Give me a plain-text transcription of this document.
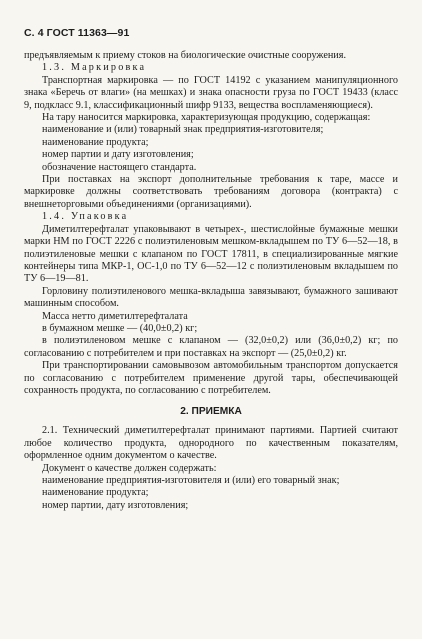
С. 4 ГОСТ 11363—91

предъявляемым к приему стоков на биологические очистные сооружения.

1.3. Маркировка

Транспортная маркировка — по ГОСТ 14192 с указанием манипуляционного знака «Беречь от влаги» (на мешках) и знака опасности груза по ГОСТ 19433 (класс 9, подкласс 9.1, классификационный шифр 9133, вещества воспламеняющиеся).

На тару наносится маркировка, характеризующая продукцию, содержащая:

наименование и (или) товарный знак предприятия-изготовителя;

наименование продукта;

номер партии и дату изготовления;

обозначение настоящего стандарта.

При поставках на экспорт дополнительные требования к таре, массе и маркировке должны соответствовать требованиям договора (контракта) с внешнеторговыми объединениями (организациями).

1.4. Упаковка

Диметилтерефталат упаковывают в четырех-, шестислойные бумажные мешки марки НМ по ГОСТ 2226 с полиэтиленовым мешком-вкладышем по ТУ 6—52—18, в полиэтиленовые мешки с клапаном по ГОСТ 17811, в специализированные мягкие контейнеры типа МКР-1, ОС-1,0 по ТУ 6—52—12 с полиэтиленовым вкладышем по ТУ 6—19—81.

Горловину полиэтиленового мешка-вкладыша завязывают, бумажного зашивают машинным способом.

Масса нетто диметилтерефталата

в бумажном мешке — (40,0±0,2) кг;

в полиэтиленовом мешке с клапаном — (32,0±0,2) или (36,0±0,2) кг; по согласованию с потребителем и при поставках на экспорт — (25,0±0,2) кг.

При транспортировании самовывозом автомобильным транспортом допускается по согласованию с потребителем применение другой тары, обеспечивающей сохранность продукта, по согласованию с потребителем.

2. ПРИЕМКА

2.1. Технический диметилтерефталат принимают партиями. Партией считают любое количество продукта, однородного по качественным показателям, оформленное одним документом о качестве.

Документ о качестве должен содержать:

наименование предприятия-изготовителя и (или) его товарный знак;

наименование продукта;

номер партии, дату изготовления;
